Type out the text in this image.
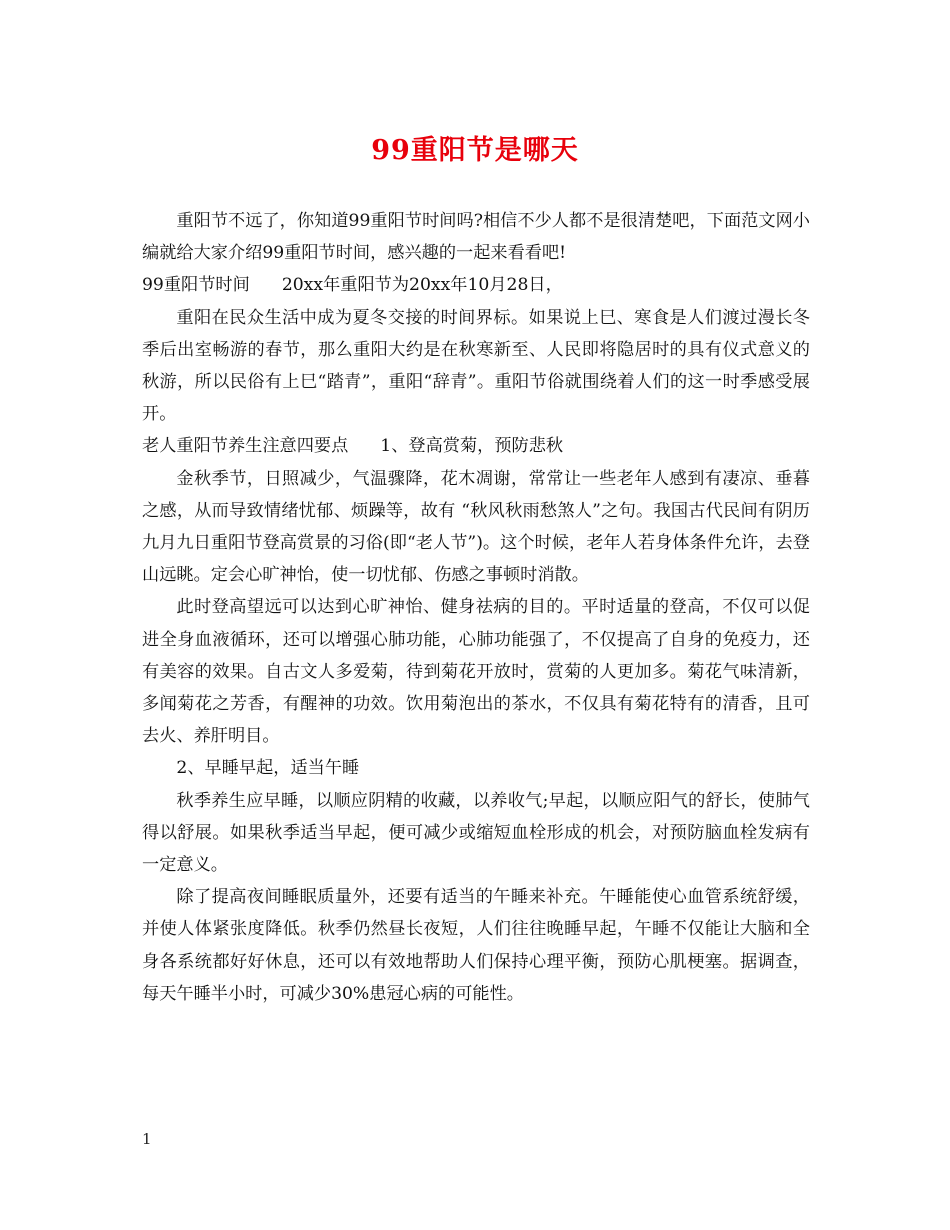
99重阳节是哪天

重阳节不远了，你知道99重阳节时间吗?相信不少人都不是很清楚吧，下面范文网小编就给大家介绍99重阳节时间，感兴趣的一起来看看吧!

99重阳节时间 20xx年重阳节为20xx年10月28日，

重阳在民众生活中成为夏冬交接的时间界标。如果说上巳、寒食是人们渡过漫长冬季后出室畅游的春节，那么重阳大约是在秋寒新至、人民即将隐居时的具有仪式意义的秋游，所以民俗有上巳“踏青”，重阳“辞青”。重阳节俗就围绕着人们的这一时季感受展开。

老人重阳节养生注意四要点 1、登高赏菊，预防悲秋

金秋季节，日照减少，气温骤降，花木凋谢，常常让一些老年人感到有凄凉、垂暮之感，从而导致情绪忧郁、烦躁等，故有 “秋风秋雨愁煞人”之句。我国古代民间有阴历九月九日重阳节登高赏景的习俗(即“老人节”)。这个时候，老年人若身体条件允许，去登山远眺。定会心旷神怡，使一切忧郁、伤感之事顿时消散。

此时登高望远可以达到心旷神怡、健身祛病的目的。平时适量的登高，不仅可以促进全身血液循环，还可以增强心肺功能，心肺功能强了，不仅提高了自身的免疫力，还有美容的效果。自古文人多爱菊，待到菊花开放时，赏菊的人更加多。菊花气味清新，多闻菊花之芳香，有醒神的功效。饮用菊泡出的茶水，不仅具有菊花特有的清香，且可去火、养肝明目。

2、早睡早起，适当午睡

秋季养生应早睡，以顺应阴精的收藏，以养收气;早起，以顺应阳气的舒长，使肺气得以舒展。如果秋季适当早起，便可减少或缩短血栓形成的机会，对预防脑血栓发病有一定意义。

除了提高夜间睡眠质量外，还要有适当的午睡来补充。午睡能使心血管系统舒缓，并使人体紧张度降低。秋季仍然昼长夜短，人们往往晚睡早起，午睡不仅能让大脑和全身各系统都好好休息，还可以有效地帮助人们保持心理平衡，预防心肌梗塞。据调查，每天午睡半小时，可减少30%患冠心病的可能性。

1
